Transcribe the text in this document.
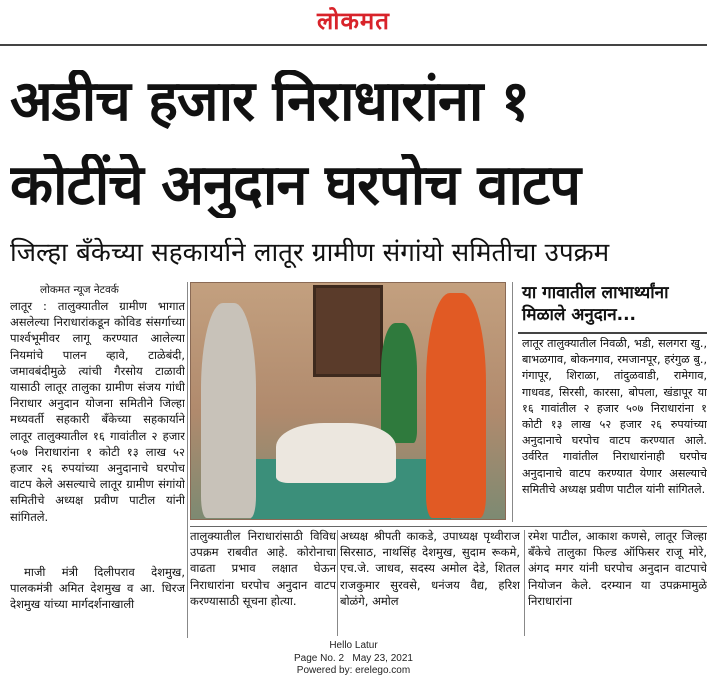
लोकमत
अडीच हजार निराधारांना १
कोटींचे अनुदान घरपोच वाटप
जिल्हा बँकेच्या सहकार्याने लातूर ग्रामीण संगांयो समितीचा उपक्रम
लोकमत न्यूज नेटवर्क
लातूर : तालुक्यातील ग्रामीण भागात असलेल्या निराधारांकडून कोविड संसर्गाच्या पार्श्वभूमीवर लागू करण्यात आलेल्या नियमांचे पालन व्हावे, टाळेबंदी, जमावबंदीमुळे त्यांची गैरसोय टाळावी यासाठी लातूर तालुका ग्रामीण संजय गांधी निराधार अनुदान योजना समितीने जिल्हा मध्यवर्ती सहकारी बँकेच्या सहकार्याने लातूर तालुक्यातील १६ गावांतील २ हजार ५०७ निराधारांना १ कोटी १३ लाख ५२ हजार २६ रुपयांच्या अनुदानाचे घरपोच वाटप केले असल्याचे लातूर ग्रामीण संगांयो समितीचे अध्यक्ष प्रवीण पाटील यांनी सांगितले.
माजी मंत्री दिलीपराव देशमुख, पालकमंत्री अमित देशमुख व आ. धिरज देशमुख यांच्या मार्गदर्शनाखाली
या गावातील लाभार्थ्यांना मिळाले अनुदान...
लातूर तालुक्यातील निवळी, भडी, सलगरा खु., बाभळगाव, बोकनगाव, रमजानपूर, हरंगुळ बु., गंगापूर, शिराळा, तांदुळवाडी, रामेगाव, गाधवड, सिरसी, कारसा, बोपला, खंडापूर या १६ गावांतील २ हजार ५०७ निराधारांना १ कोटी १३ लाख ५२ हजार २६ रुपयांच्या अनुदानाचे घरपोच वाटप करण्यात आले. उर्वरित गावांतील निराधारांनाही घरपोच अनुदानाचे वाटप करण्यात येणार असल्याचे समितीचे अध्यक्ष प्रवीण पाटील यांनी सांगितले.
तालुक्यातील निराधारांसाठी विविध उपक्रम राबवीत आहे. कोरोनाचा वाढता प्रभाव लक्षात घेऊन निराधारांना घरपोच अनुदान वाटप करण्यासाठी सूचना होत्या.
अध्यक्ष श्रीपती काकडे, उपाध्यक्ष पृथ्वीराज सिरसाठ, नाथसिंह देशमुख, सुदाम रूकमे, एच.जे. जाधव, सदस्य अमोल देडे, शितल राजकुमार सुरवसे, धनंजय वैद्य, हरिश बोळंगे, अमोल
रमेश पाटील, आकाश कणसे, लातूर जिल्हा बँकेचे तालुका फिल्ड ऑफिसर राजू मोरे, अंगद मगर यांनी घरपोच अनुदान वाटपाचे नियोजन केले. दरम्यान या उपक्रमामुळे निराधारांना
Hello Latur
Page No. 2 May 23, 2021
Powered by: erelego.com
